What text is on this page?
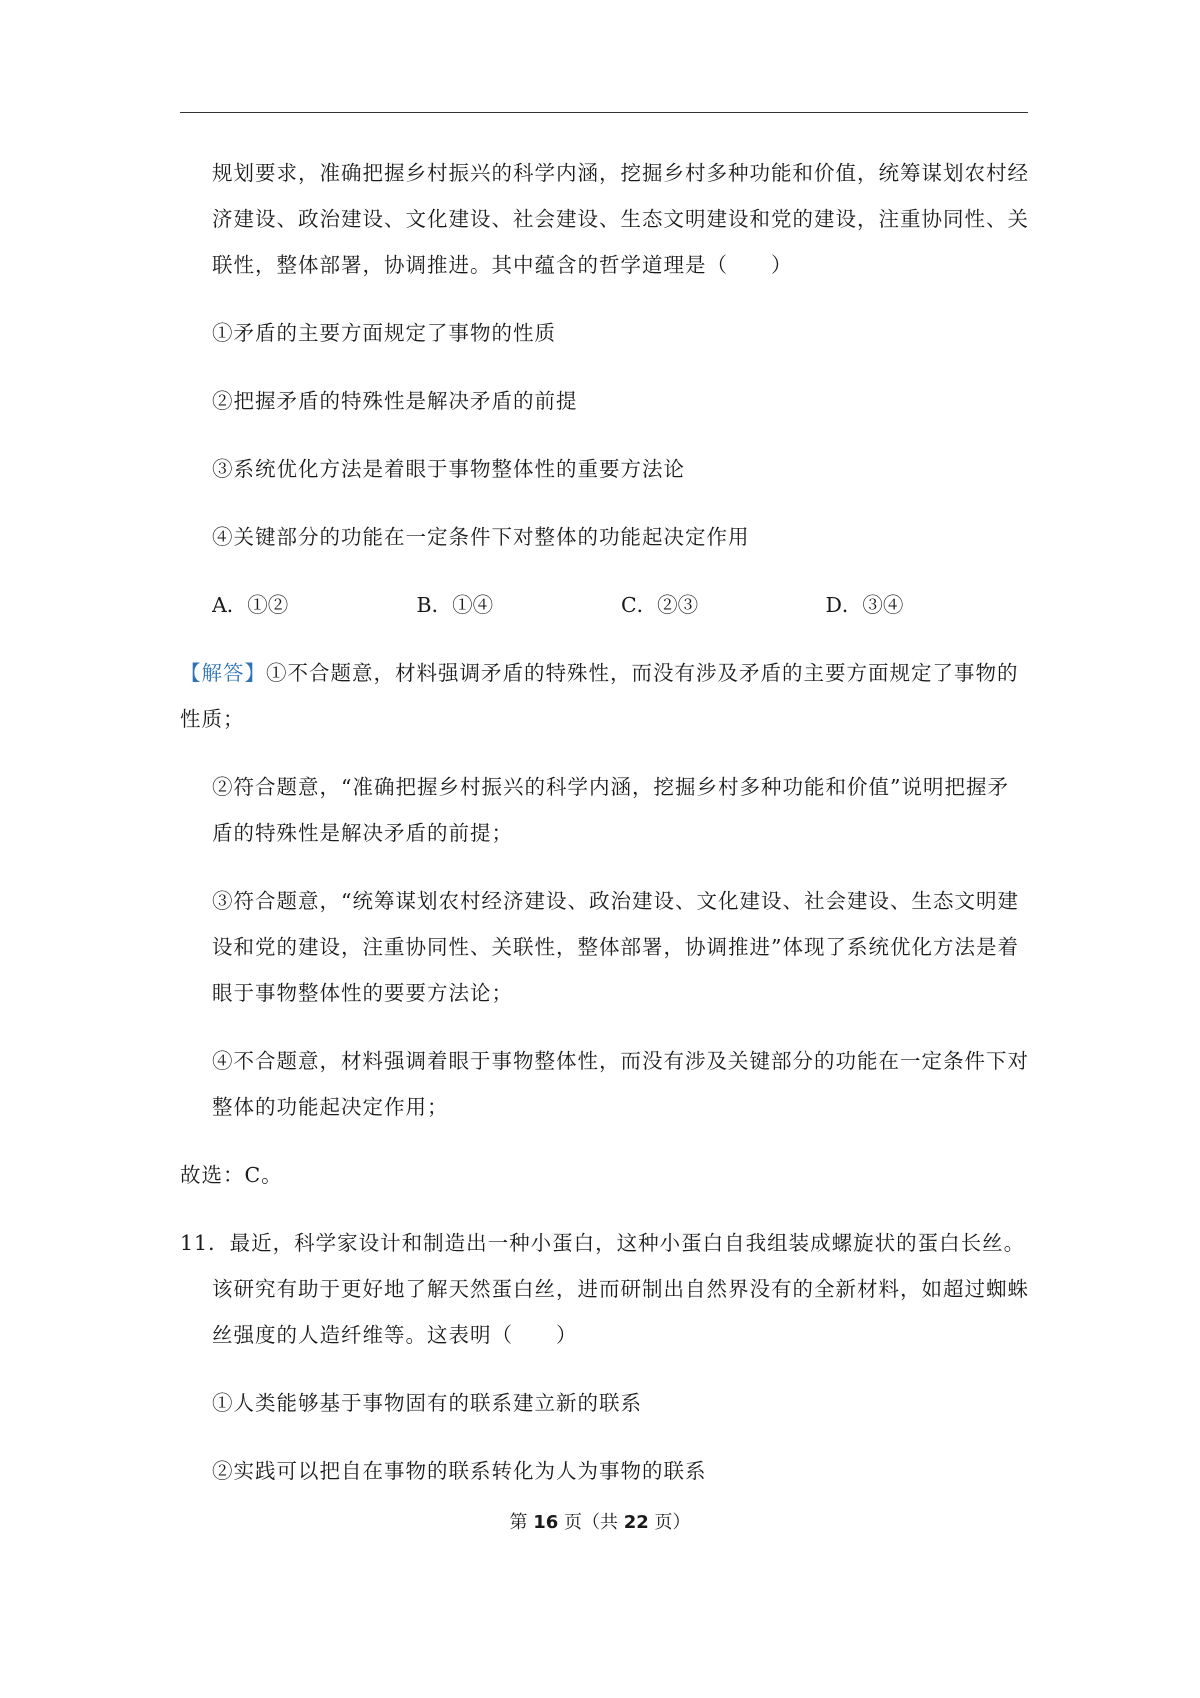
规划要求，准确把握乡村振兴的科学内涵，挖掘乡村多种功能和价值，统筹谋划农村经

济建设、政治建设、文化建设、社会建设、生态文明建设和党的建设，注重协同性、关

联性，整体部署，协调推进。其中蕴含的哲学道理是（　　）

①矛盾的主要方面规定了事物的性质

②把握矛盾的特殊性是解决矛盾的前提

③系统优化方法是着眼于事物整体性的重要方法论

④关键部分的功能在一定条件下对整体的功能起决定作用

A．①②	B．①④	C．②③	D．③④

【解答】①不合题意，材料强调矛盾的特殊性，而没有涉及矛盾的主要方面规定了事物的

性质；

②符合题意，“准确把握乡村振兴的科学内涵，挖掘乡村多种功能和价值”说明把握矛

盾的特殊性是解决矛盾的前提；

③符合题意，“统筹谋划农村经济建设、政治建设、文化建设、社会建设、生态文明建

设和党的建设，注重协同性、关联性，整体部署，协调推进”体现了系统优化方法是着

眼于事物整体性的要要方法论；

④不合题意，材料强调着眼于事物整体性，而没有涉及关键部分的功能在一定条件下对

整体的功能起决定作用；

故选：C。

11．最近，科学家设计和制造出一种小蛋白，这种小蛋白自我组装成螺旋状的蛋白长丝。

该研究有助于更好地了解天然蛋白丝，进而研制出自然界没有的全新材料，如超过蜘蛛

丝强度的人造纤维等。这表明（　　）

①人类能够基于事物固有的联系建立新的联系

②实践可以把自在事物的联系转化为人为事物的联系

第 16 页（共 22 页）
